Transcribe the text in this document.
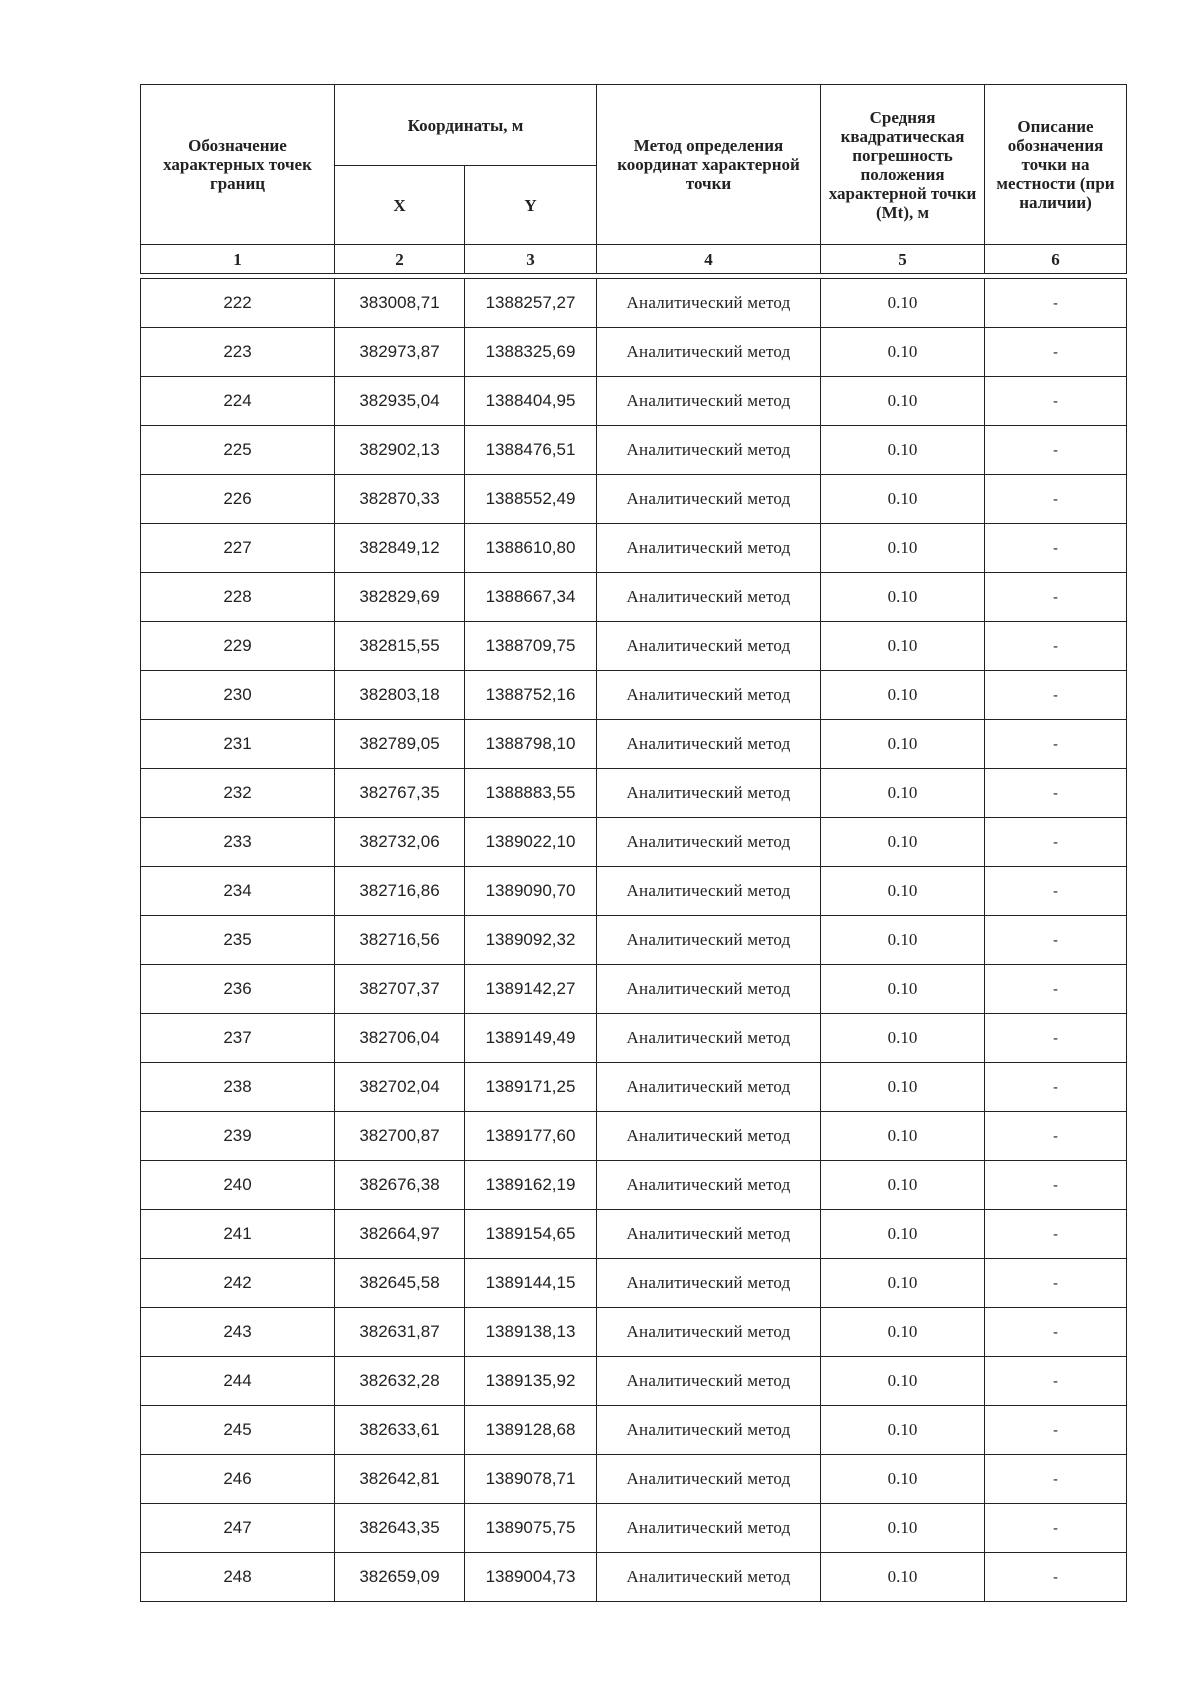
Обозначение характерных точек границ	Координаты, м		Метод определения координат характерной точки	Средняя квадратическая погрешность положения характерной точки (Mt), м	Описание обозначения точки на местности (при наличии)
	X	Y			
1	2	3	4	5	6

222	383008,71	1388257,27	Аналитический метод	0.10	-
223	382973,87	1388325,69	Аналитический метод	0.10	-
224	382935,04	1388404,95	Аналитический метод	0.10	-
225	382902,13	1388476,51	Аналитический метод	0.10	-
226	382870,33	1388552,49	Аналитический метод	0.10	-
227	382849,12	1388610,80	Аналитический метод	0.10	-
228	382829,69	1388667,34	Аналитический метод	0.10	-
229	382815,55	1388709,75	Аналитический метод	0.10	-
230	382803,18	1388752,16	Аналитический метод	0.10	-
231	382789,05	1388798,10	Аналитический метод	0.10	-
232	382767,35	1388883,55	Аналитический метод	0.10	-
233	382732,06	1389022,10	Аналитический метод	0.10	-
234	382716,86	1389090,70	Аналитический метод	0.10	-
235	382716,56	1389092,32	Аналитический метод	0.10	-
236	382707,37	1389142,27	Аналитический метод	0.10	-
237	382706,04	1389149,49	Аналитический метод	0.10	-
238	382702,04	1389171,25	Аналитический метод	0.10	-
239	382700,87	1389177,60	Аналитический метод	0.10	-
240	382676,38	1389162,19	Аналитический метод	0.10	-
241	382664,97	1389154,65	Аналитический метод	0.10	-
242	382645,58	1389144,15	Аналитический метод	0.10	-
243	382631,87	1389138,13	Аналитический метод	0.10	-
244	382632,28	1389135,92	Аналитический метод	0.10	-
245	382633,61	1389128,68	Аналитический метод	0.10	-
246	382642,81	1389078,71	Аналитический метод	0.10	-
247	382643,35	1389075,75	Аналитический метод	0.10	-
248	382659,09	1389004,73	Аналитический метод	0.10	-
